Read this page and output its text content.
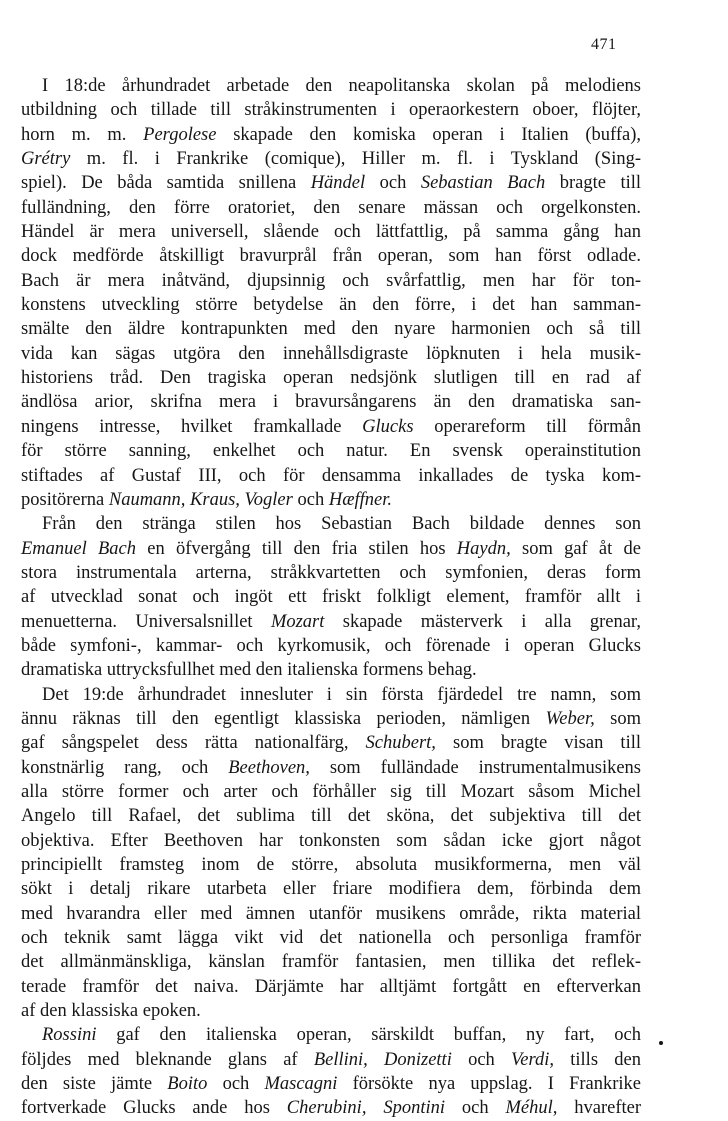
471
I 18:de århundradet arbetade den neapolitanska skolan på melodiens
utbildning och tillade till stråkinstrumenten i operaorkestern oboer, flöjter,
horn m. m. Pergolese skapade den komiska operan i Italien (buffa),
Grétry m. fl. i Frankrike (comique), Hiller m. fl. i Tyskland (Sing-
spiel). De båda samtida snillena Händel och Sebastian Bach bragte till
fulländning, den förre oratoriet, den senare mässan och orgelkonsten.
Händel är mera universell, slående och lättfattlig, på samma gång han
dock medförde åtskilligt bravurprål från operan, som han först odlade.
Bach är mera inåtvänd, djupsinnig och svårfattlig, men har för ton-
konstens utveckling större betydelse än den förre, i det han samman-
smälte den äldre kontrapunkten med den nyare harmonien och så till
vida kan sägas utgöra den innehållsdigraste löpknuten i hela musik-
historiens tråd. Den tragiska operan nedsjönk slutligen till en rad af
ändlösa arior, skrifna mera i bravursångarens än den dramatiska san-
ningens intresse, hvilket framkallade Glucks operareform till förmån
för större sanning, enkelhet och natur. En svensk operainstitution
stiftades af Gustaf III, och för densamma inkallades de tyska kom-
positörerna Naumann, Kraus, Vogler och Hæffner.
Från den stränga stilen hos Sebastian Bach bildade dennes son
Emanuel Bach en öfvergång till den fria stilen hos Haydn, som gaf åt de
stora instrumentala arterna, stråkkvartetten och symfonien, deras form
af utvecklad sonat och ingöt ett friskt folkligt element, framför allt i
menuetterna. Universalsnillet Mozart skapade mästerverk i alla grenar,
både symfoni-, kammar- och kyrkomusik, och förenade i operan Glucks
dramatiska uttrycksfullhet med den italienska formens behag.
Det 19:de århundradet innesluter i sin första fjärdedel tre namn, som
ännu räknas till den egentligt klassiska perioden, nämligen Weber, som
gaf sångspelet dess rätta nationalfärg, Schubert, som bragte visan till
konstnärlig rang, och Beethoven, som fulländade instrumentalmusikens
alla större former och arter och förhåller sig till Mozart såsom Michel
Angelo till Rafael, det sublima till det sköna, det subjektiva till det
objektiva. Efter Beethoven har tonkonsten som sådan icke gjort något
principiellt framsteg inom de större, absoluta musikformerna, men väl
sökt i detalj rikare utarbeta eller friare modifiera dem, förbinda dem
med hvarandra eller med ämnen utanför musikens område, rikta material
och teknik samt lägga vikt vid det nationella och personliga framför
det allmänmänskliga, känslan framför fantasien, men tillika det reflek-
terade framför det naiva. Därjämte har alltjämt fortgått en efterverkan
af den klassiska epoken.
Rossini gaf den italienska operan, särskildt buffan, ny fart, och
följdes med bleknande glans af Bellini, Donizetti och Verdi, tills den
den siste jämte Boito och Mascagni försökte nya uppslag. I Frankrike
fortverkade Glucks ande hos Cherubini, Spontini och Méhul, hvarefter
